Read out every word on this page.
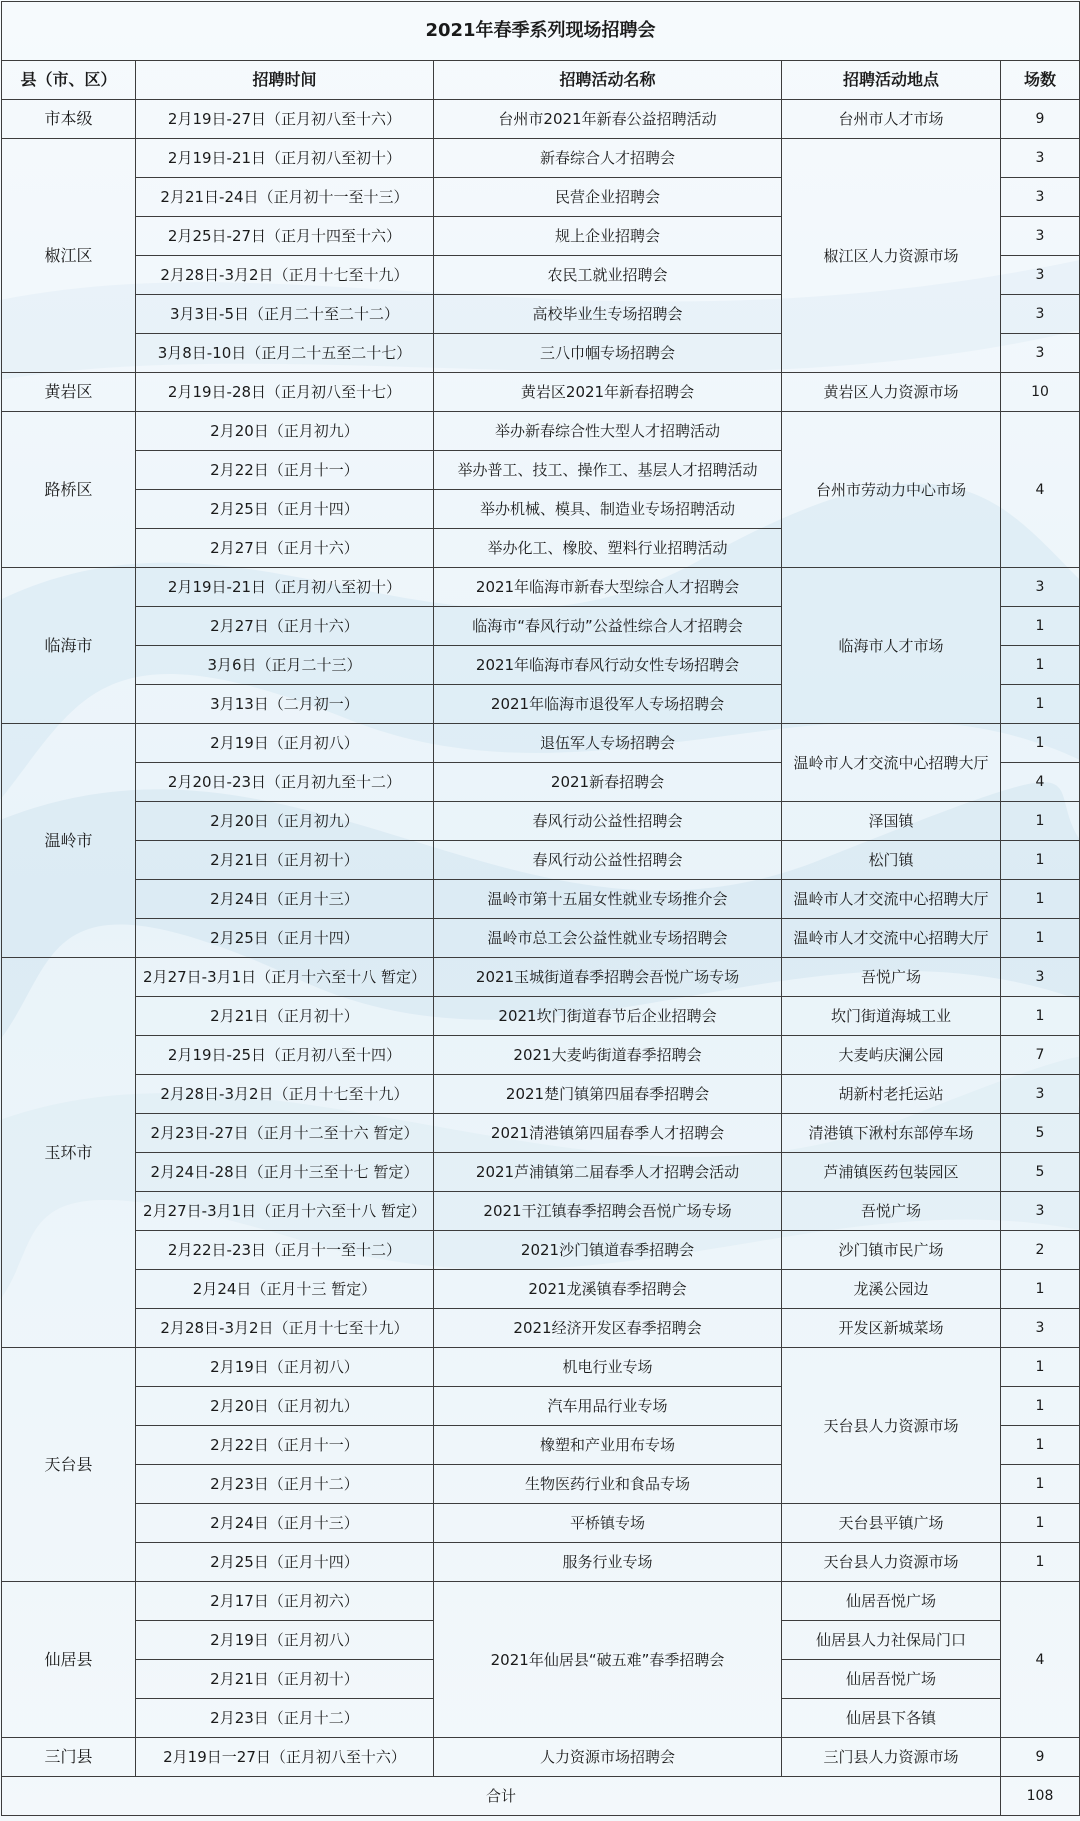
2021年春季系列现场招聘会				
县（市、区）	招聘时间	招聘活动名称	招聘活动地点	场数
市本级	2月19日-27日（正月初八至十六）	台州市2021年新春公益招聘活动	台州市人才市场	9
椒江区	2月19日-21日（正月初八至初十）	新春综合人才招聘会	椒江区人力资源市场	3
	2月21日-24日（正月初十一至十三）	民营企业招聘会		3
	2月25日-27日（正月十四至十六）	规上企业招聘会		3
	2月28日-3月2日（正月十七至十九）	农民工就业招聘会		3
	3月3日-5日（正月二十至二十二）	高校毕业生专场招聘会		3
	3月8日-10日（正月二十五至二十七）	三八巾帼专场招聘会		3
黄岩区	2月19日-28日（正月初八至十七）	黄岩区2021年新春招聘会	黄岩区人力资源市场	10
路桥区	2月20日（正月初九）	举办新春综合性大型人才招聘活动	台州市劳动力中心市场	4
	2月22日（正月十一）	举办普工、技工、操作工、基层人才招聘活动		
	2月25日（正月十四）	举办机械、模具、制造业专场招聘活动		
	2月27日（正月十六）	举办化工、橡胶、塑料行业招聘活动		
临海市	2月19日-21日（正月初八至初十）	2021年临海市新春大型综合人才招聘会	临海市人才市场	3
	2月27日（正月十六）	临海市“春风行动”公益性综合人才招聘会		1
	3月6日（正月二十三）	2021年临海市春风行动女性专场招聘会		1
	3月13日（二月初一）	2021年临海市退役军人专场招聘会		1
温岭市	2月19日（正月初八）	退伍军人专场招聘会	温岭市人才交流中心招聘大厅	1
	2月20日-23日（正月初九至十二）	2021新春招聘会		4
	2月20日（正月初九）	春风行动公益性招聘会	泽国镇	1
	2月21日（正月初十）	春风行动公益性招聘会	松门镇	1
	2月24日（正月十三）	温岭市第十五届女性就业专场推介会	温岭市人才交流中心招聘大厅	1
	2月25日（正月十四）	温岭市总工会公益性就业专场招聘会	温岭市人才交流中心招聘大厅	1
玉环市	2月27日-3月1日（正月十六至十八 暂定）	2021玉城街道春季招聘会吾悦广场专场	吾悦广场	3
	2月21日（正月初十）	2021坎门街道春节后企业招聘会	坎门街道海城工业	1
	2月19日-25日（正月初八至十四）	2021大麦屿街道春季招聘会	大麦屿庆澜公园	7
	2月28日-3月2日（正月十七至十九）	2021楚门镇第四届春季招聘会	胡新村老托运站	3
	2月23日-27日（正月十二至十六 暂定）	2021清港镇第四届春季人才招聘会	清港镇下湫村东部停车场	5
	2月24日-28日（正月十三至十七 暂定）	2021芦浦镇第二届春季人才招聘会活动	芦浦镇医药包装园区	5
	2月27日-3月1日（正月十六至十八 暂定）	2021干江镇春季招聘会吾悦广场专场	吾悦广场	3
	2月22日-23日（正月十一至十二）	2021沙门镇道春季招聘会	沙门镇市民广场	2
	2月24日（正月十三 暂定）	2021龙溪镇春季招聘会	龙溪公园边	1
	2月28日-3月2日（正月十七至十九）	2021经济开发区春季招聘会	开发区新城菜场	3
天台县	2月19日（正月初八）	机电行业专场	天台县人力资源市场	1
	2月20日（正月初九）	汽车用品行业专场		1
	2月22日（正月十一）	橡塑和产业用布专场		1
	2月23日（正月十二）	生物医药行业和食品专场		1
	2月24日（正月十三）	平桥镇专场	天台县平镇广场	1
	2月25日（正月十四）	服务行业专场	天台县人力资源市场	1
仙居县	2月17日（正月初六）	2021年仙居县“破五难”春季招聘会	仙居吾悦广场	4
	2月19日（正月初八）		仙居县人力社保局门口	
	2月21日（正月初十）		仙居吾悦广场	
	2月23日（正月十二）		仙居县下各镇	
三门县	2月19日一27日（正月初八至十六）	人力资源市场招聘会	三门县人力资源市场	9
合计				108
